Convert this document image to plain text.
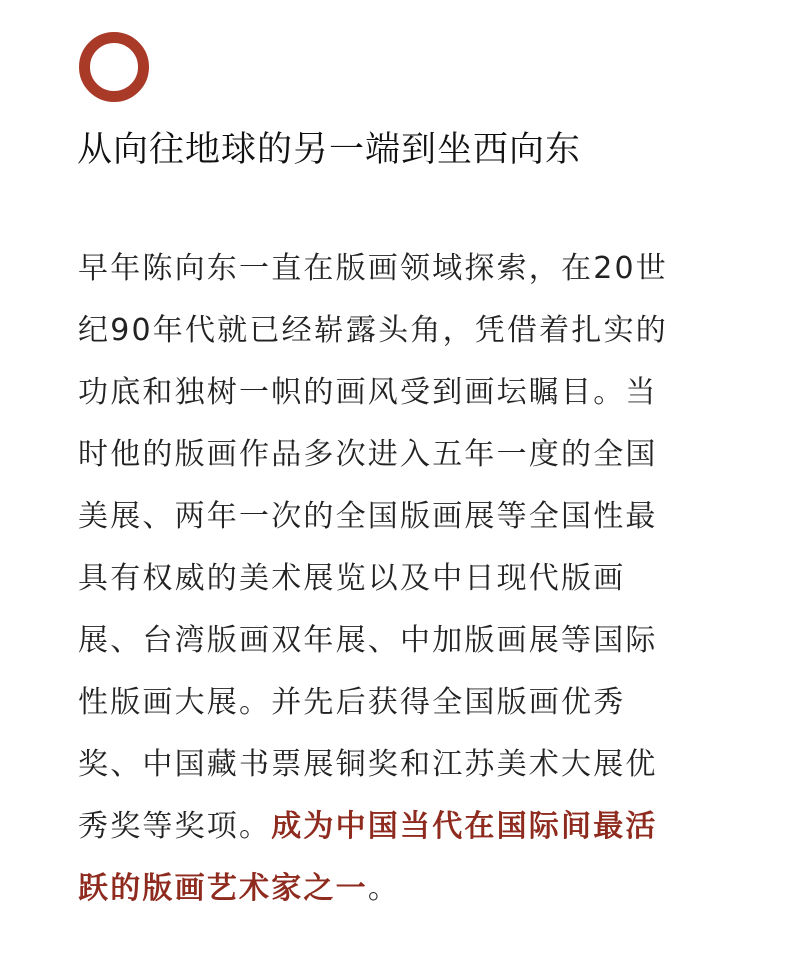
从向往地球的另一端到坐西向东
早年陈向东一直在版画领域探索，在20世
纪90年代就已经崭露头角，凭借着扎实的
功底和独树一帜的画风受到画坛瞩目。当
时他的版画作品多次进入五年一度的全国
美展、两年一次的全国版画展等全国性最
具有权威的美术展览以及中日现代版画
展、台湾版画双年展、中加版画展等国际
性版画大展。并先后获得全国版画优秀
奖、中国藏书票展铜奖和江苏美术大展优
秀奖等奖项。成为中国当代在国际间最活
跃的版画艺术家之一。
